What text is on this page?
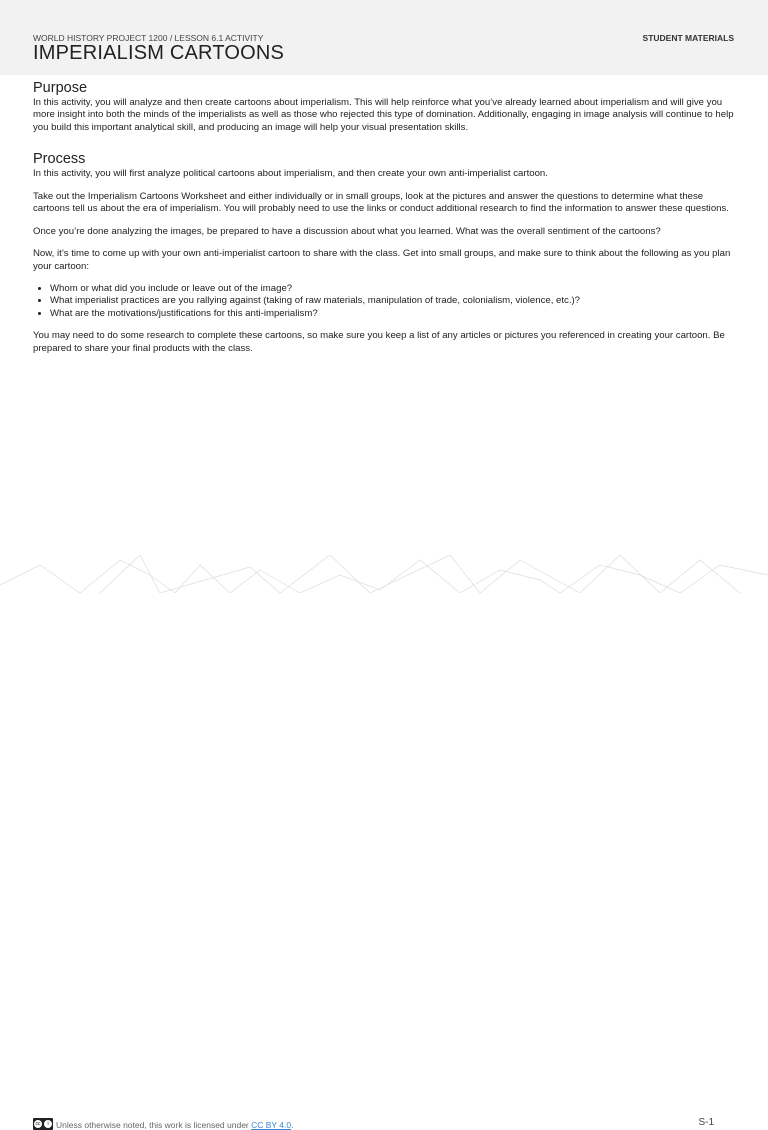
WORLD HISTORY PROJECT 1200 / LESSON 6.1 ACTIVITY
IMPERIALISM CARTOONS
STUDENT MATERIALS
Purpose

In this activity, you will analyze and then create cartoons about imperialism. This will help reinforce what you’ve already learned about imperialism and will give you more insight into both the minds of the imperialists as well as those who rejected this type of domination. Additionally, engaging in image analysis will continue to help you build this important analytical skill, and producing an image will help your visual presentation skills.

Process

In this activity, you will first analyze political cartoons about imperialism, and then create your own anti-imperialist cartoon.

Take out the Imperialism Cartoons Worksheet and either individually or in small groups, look at the pictures and answer the questions to determine what these cartoons tell us about the era of imperialism. You will probably need to use the links or conduct additional research to find the information to answer these questions.

Once you’re done analyzing the images, be prepared to have a discussion about what you learned. What was the overall sentiment of the cartoons?

Now, it’s time to come up with your own anti-imperialist cartoon to share with the class. Get into small groups, and make sure to think about the following as you plan your cartoon:

• Whom or what did you include or leave out of the image?
• What imperialist practices are you rallying against (taking of raw materials, manipulation of trade, colonialism, violence, etc.)?
• What are the motivations/justifications for this anti-imperialism?

You may need to do some research to complete these cartoons, so make sure you keep a list of any articles or pictures you referenced in creating your cartoon. Be prepared to share your final products with the class.

cc	i Unless otherwise noted, this work is licensed under CC BY 4.0.	S-1
